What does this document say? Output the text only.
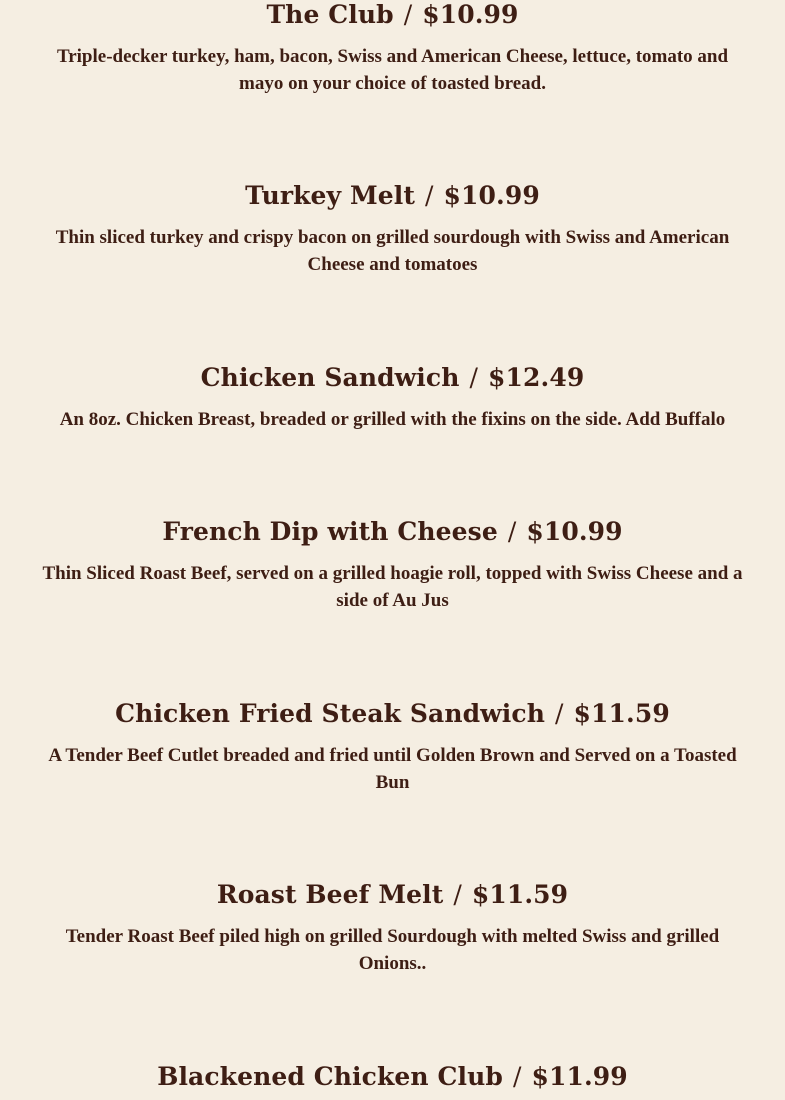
The Club / $10.99
Triple-decker turkey, ham, bacon, Swiss and American Cheese, lettuce, tomato and mayo on your choice of toasted bread.
Turkey Melt / $10.99
Thin sliced turkey and crispy bacon on grilled sourdough with Swiss and American Cheese and tomatoes
Chicken Sandwich / $12.49
An 8oz. Chicken Breast, breaded or grilled with the fixins on the side. Add Buffalo
French Dip with Cheese / $10.99
Thin Sliced Roast Beef, served on a grilled hoagie roll, topped with Swiss Cheese and a side of Au Jus
Chicken Fried Steak Sandwich / $11.59
A Tender Beef Cutlet breaded and fried until Golden Brown and Served on a Toasted Bun
Roast Beef Melt / $11.59
Tender Roast Beef piled high on grilled Sourdough with melted Swiss and grilled Onions..
Blackened Chicken Club / $11.99
